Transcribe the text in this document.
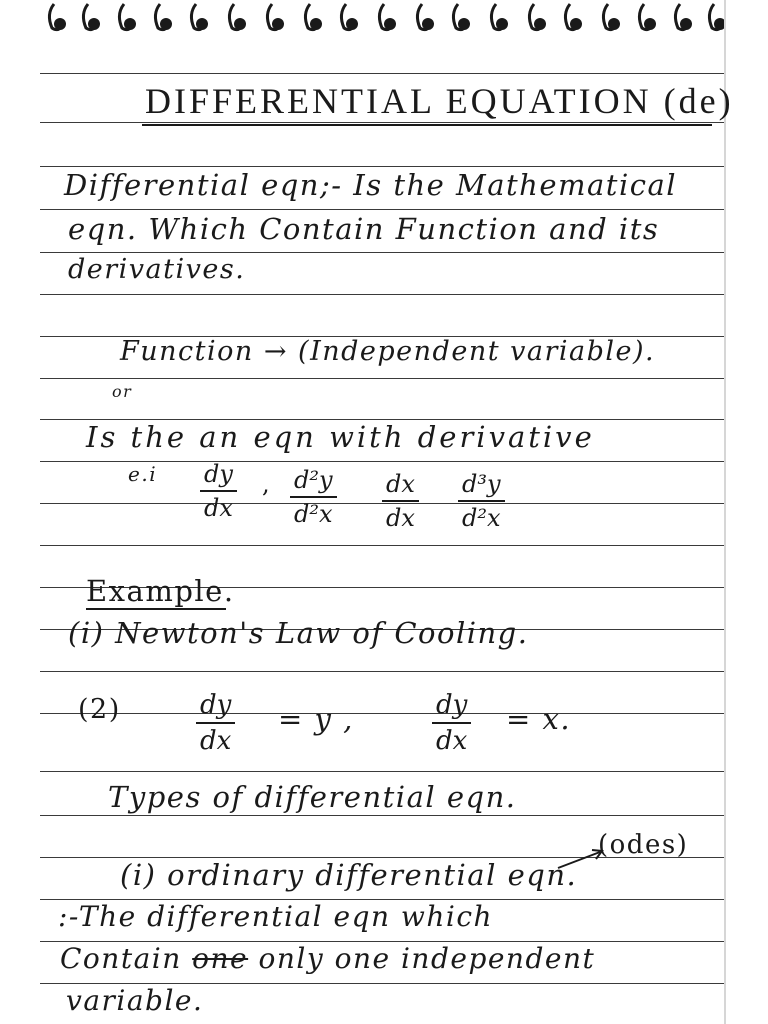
DIFFERENTIAL EQUATION (de)
Differential eqn;- Is the Mathematical
eqn. Which Contain Function and its
derivatives.
Function → (Independent variable).
or
Is the an eqn with derivative
$e.i \frac{dy}{dx}$ , $\frac{\text{d²y}}{\text{d²x}} \frac{dx}{dx} \frac{\text{d³y}}{\text{d²x}}$
Example.
(i) Newton's Law of Cooling.
(2)	$\frac{dy}{dx} = y$ ,	$\frac{dy}{dx} = x$.
Types of differential eqn.
(odes)
(i) ordinary differential eqn.
:-The differential eqn which
Contain one only one independent
variable.
